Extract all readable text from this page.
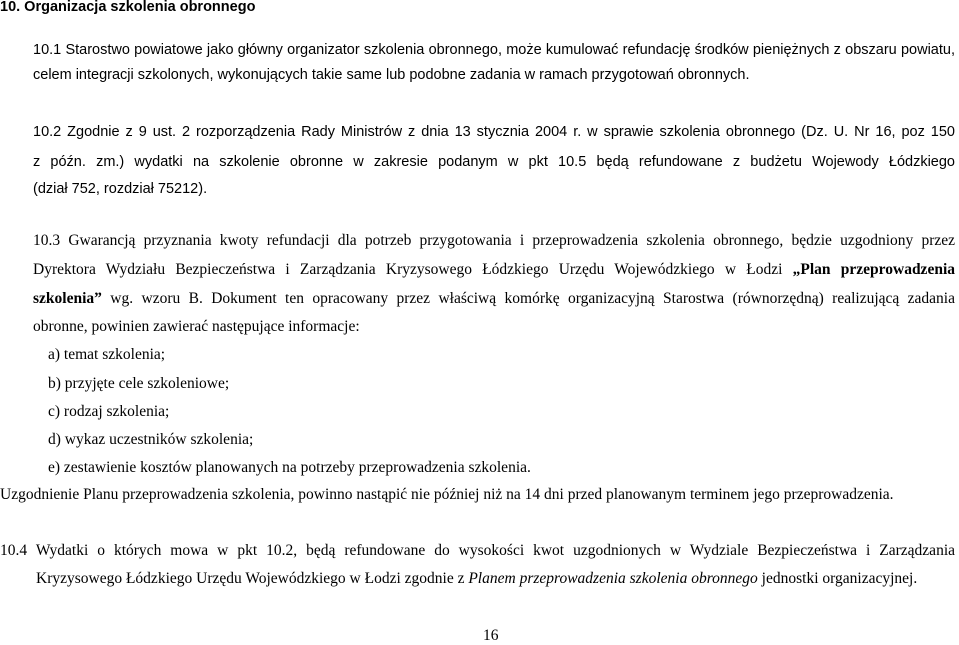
10. Organizacja szkolenia obronnego
10.1 Starostwo powiatowe jako główny organizator szkolenia obronnego, może kumulować refundację środków pieniężnych z obszaru powiatu,
celem integracji szkolonych, wykonujących takie same lub podobne zadania w ramach przygotowań obronnych.
10.2 Zgodnie z 9 ust. 2 rozporządzenia Rady Ministrów z dnia 13 stycznia 2004 r. w sprawie szkolenia obronnego (Dz. U. Nr 16, poz 150
z późn. zm.) wydatki na szkolenie obronne w zakresie podanym w pkt 10.5 będą refundowane z budżetu Wojewody Łódzkiego
(dział 752, rozdział 75212).
10.3 Gwarancją przyznania kwoty refundacji dla potrzeb przygotowania i przeprowadzenia szkolenia obronnego, będzie uzgodniony przez
Dyrektora Wydziału Bezpieczeństwa i Zarządzania Kryzysowego Łódzkiego Urzędu Wojewódzkiego w Łodzi „Plan przeprowadzenia
szkolenia” wg. wzoru B. Dokument ten opracowany przez właściwą komórkę organizacyjną Starostwa (równorzędną) realizującą zadania
obronne, powinien zawierać następujące informacje:
a) temat szkolenia;
b) przyjęte cele szkoleniowe;
c) rodzaj szkolenia;
d) wykaz uczestników szkolenia;
e) zestawienie kosztów planowanych na potrzeby przeprowadzenia szkolenia.
Uzgodnienie Planu przeprowadzenia szkolenia, powinno nastąpić nie później niż na 14 dni przed planowanym terminem jego przeprowadzenia.
10.4 Wydatki o których mowa w pkt 10.2, będą refundowane do wysokości kwot uzgodnionych w Wydziale Bezpieczeństwa i Zarządzania
Kryzysowego Łódzkiego Urzędu Wojewódzkiego w Łodzi zgodnie z Planem przeprowadzenia szkolenia obronnego jednostki organizacyjnej.
16
